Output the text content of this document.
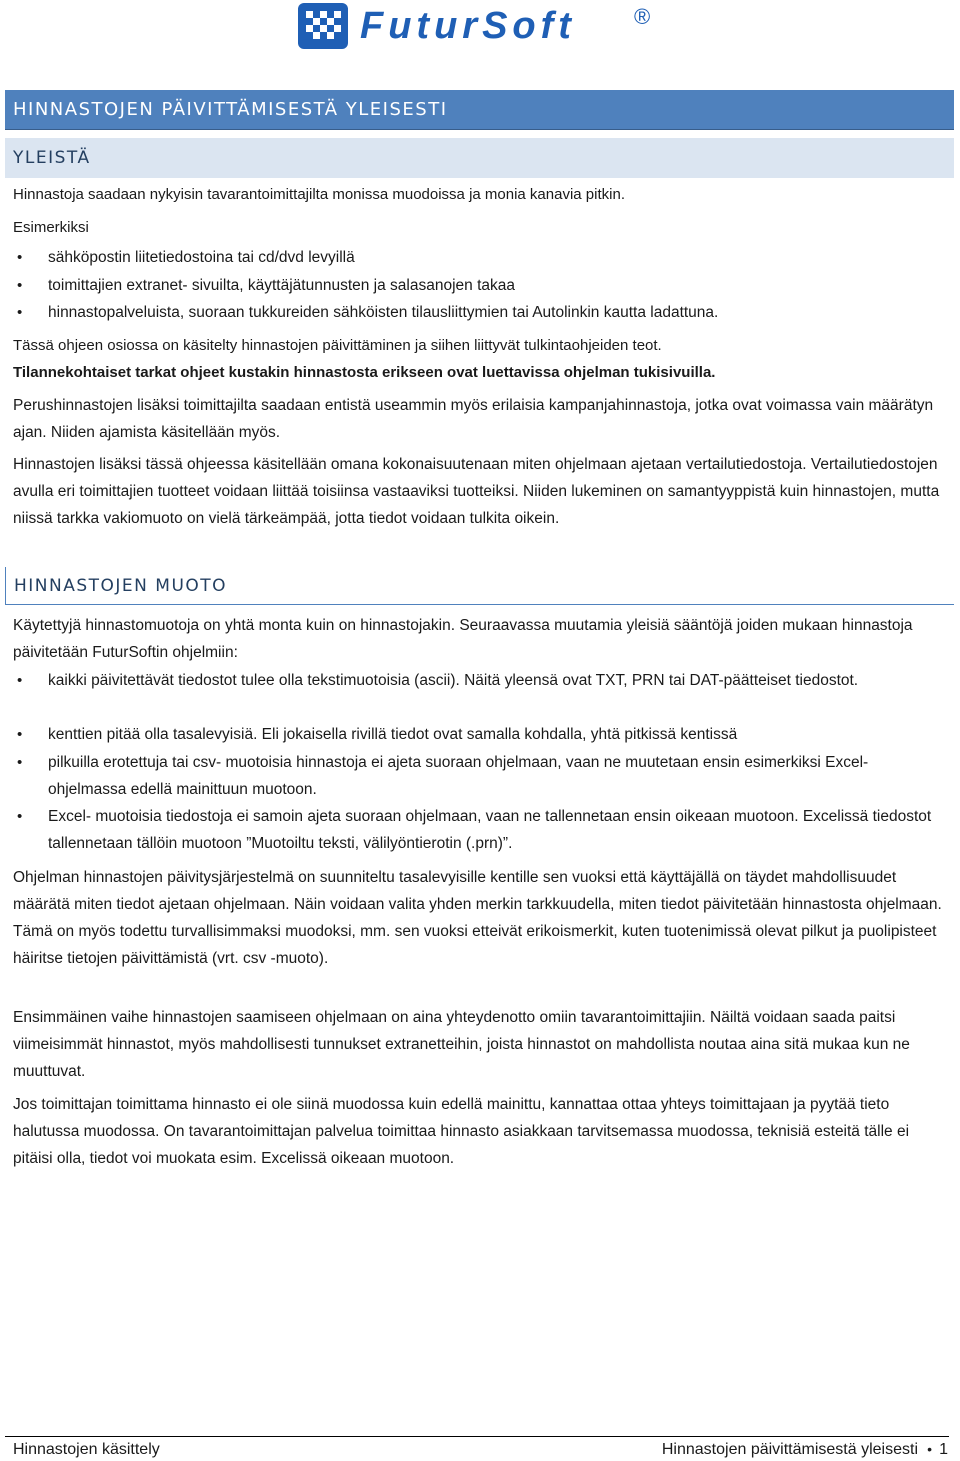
FuturSoft	®
HINNASTOJEN PÄIVITTÄMISESTÄ YLEISESTI
YLEISTÄ
Hinnastoja saadaan nykyisin tavarantoimittajilta monissa muodoissa ja monia kanavia pitkin.
Esimerkiksi
• sähköpostin liitetiedostoina tai cd/dvd levyillä
• toimittajien extranet- sivuilta, käyttäjätunnusten ja salasanojen takaa
• hinnastopalveluista, suoraan tukkureiden sähköisten tilausliittymien tai Autolinkin kautta ladattuna.
Tässä ohjeen osiossa on käsitelty hinnastojen päivittäminen ja siihen liittyvät tulkintaohjeiden teot.
Tilannekohtaiset tarkat ohjeet kustakin hinnastosta erikseen ovat luettavissa ohjelman tukisivuilla.
Perushinnastojen lisäksi toimittajilta saadaan entistä useammin myös erilaisia kampanjahinnastoja, jotka ovat voimassa vain määrätyn ajan. Niiden ajamista käsitellään myös.
Hinnastojen lisäksi tässä ohjeessa käsitellään omana kokonaisuutenaan miten ohjelmaan ajetaan vertailutiedostoja. Vertailutiedostojen avulla eri toimittajien tuotteet voidaan liittää toisiinsa vastaaviksi tuotteiksi. Niiden lukeminen on samantyyppistä kuin hinnastojen, mutta niissä tarkka vakiomuoto on vielä tärkeämpää, jotta tiedot voidaan tulkita oikein.
HINNASTOJEN MUOTO
Käytettyjä hinnastomuotoja on yhtä monta kuin on hinnastojakin. Seuraavassa muutamia yleisiä sääntöjä joiden mukaan hinnastoja päivitetään FuturSoftin ohjelmiin:
• kaikki päivitettävät tiedostot tulee olla tekstimuotoisia (ascii). Näitä yleensä ovat TXT, PRN tai DAT-päätteiset tiedostot.
• kenttien pitää olla tasalevyisiä. Eli jokaisella rivillä tiedot ovat samalla kohdalla, yhtä pitkissä kentissä
• pilkuilla erotettuja tai csv- muotoisia hinnastoja ei ajeta suoraan ohjelmaan, vaan ne muutetaan ensin esimerkiksi Excel- ohjelmassa edellä mainittuun muotoon.
• Excel- muotoisia tiedostoja ei samoin ajeta suoraan ohjelmaan, vaan ne tallennetaan ensin oikeaan muotoon. Excelissä tiedostot tallennetaan tällöin muotoon ”Muotoiltu teksti, välilyöntierotin (.prn)”.
Ohjelman hinnastojen päivitysjärjestelmä on suunniteltu tasalevyisille kentille sen vuoksi että käyttäjällä on täydet mahdollisuudet määrätä miten tiedot ajetaan ohjelmaan. Näin voidaan valita yhden merkin tarkkuudella, miten tiedot päivitetään hinnastosta ohjelmaan. Tämä on myös todettu turvallisimmaksi muodoksi, mm. sen vuoksi etteivät erikoismerkit, kuten tuotenimissä olevat pilkut ja puolipisteet häiritse tietojen päivittämistä (vrt. csv -muoto).
Ensimmäinen vaihe hinnastojen saamiseen ohjelmaan on aina yhteydenotto omiin tavarantoimittajiin. Näiltä voidaan saada paitsi viimeisimmät hinnastot, myös mahdollisesti tunnukset extranetteihin, joista hinnastot on mahdollista noutaa aina sitä mukaa kun ne muuttuvat.
Jos toimittajan toimittama hinnasto ei ole siinä muodossa kuin edellä mainittu, kannattaa ottaa yhteys toimittajaan ja pyytää tieto halutussa muodossa. On tavarantoimittajan palvelua toimittaa hinnasto asiakkaan tarvitsemassa muodossa, teknisiä esteitä tälle ei pitäisi olla, tiedot voi muokata esim. Excelissä oikeaan muotoon.
Hinnastojen käsittely	Hinnastojen päivittämisestä yleisesti • 1
